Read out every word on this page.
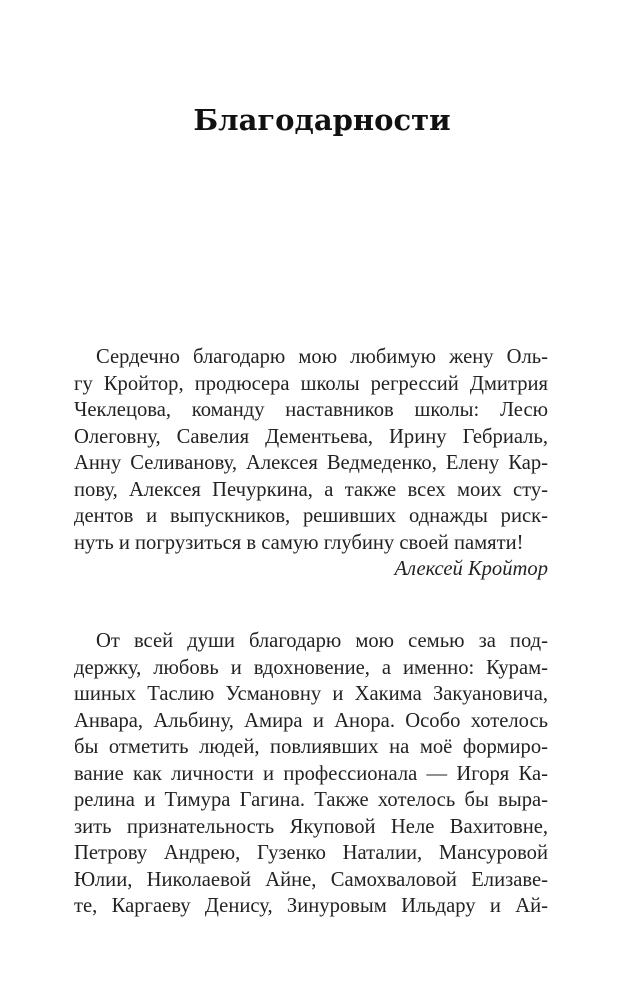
Благодарности
Сердечно благодарю мою любимую жену Оль-
гу Кройтор, продюсера школы регрессий Дмитрия
Чеклецова, команду наставников школы: Лесю
Олеговну, Савелия Дементьева, Ирину Гебриаль,
Анну Селиванову, Алексея Ведмеденко, Елену Кар-
пову, Алексея Печуркина, а также всех моих сту-
дентов и выпускников, решивших однажды риск-
нуть и погрузиться в самую глубину своей памяти!
Алексей Кройтор
От всей души благодарю мою семью за под-
держку, любовь и вдохновение, а именно: Курам-
шиных Таслию Усмановну и Хакима Закуановича,
Анвара, Альбину, Амира и Анора. Особо хотелось
бы отметить людей, повлиявших на моё формиро-
вание как личности и профессионала — Игоря Ка-
релина и Тимура Гагина. Также хотелось бы выра-
зить признательность Якуповой Неле Вахитовне,
Петрову Андрею, Гузенко Наталии, Мансуровой
Юлии, Николаевой Айне, Самохваловой Елизаве-
те, Каргаеву Денису, Зинуровым Ильдару и Ай-
